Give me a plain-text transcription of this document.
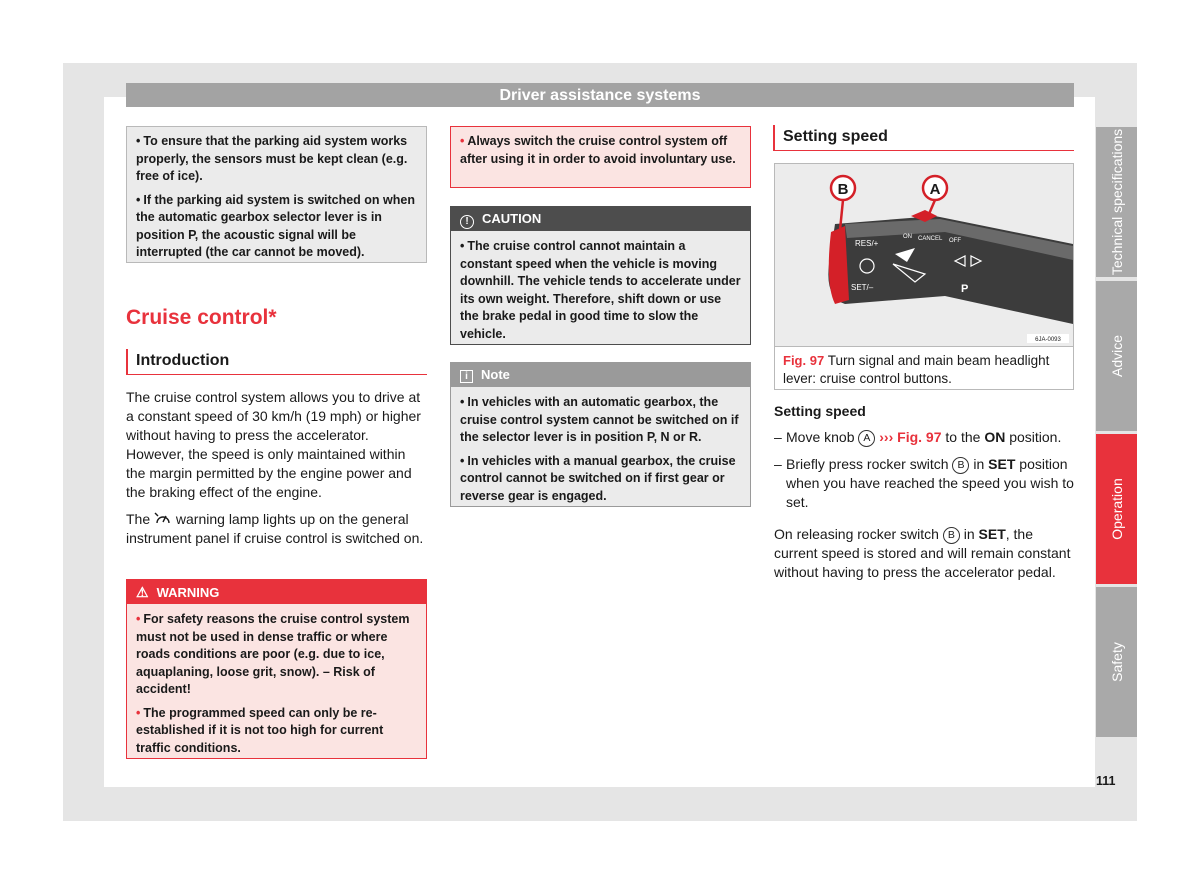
Driver assistance systems

• To ensure that the parking aid system works properly, the sensors must be kept clean (e.g. free of ice).

• If the parking aid system is switched on when the automatic gearbox selector lever is in position P, the acoustic signal will be interrupted (the car cannot be moved).

Cruise control*
Introduction

The cruise control system allows you to drive at a constant speed of 30 km/h (19 mph) or higher without having to press the accelerator. However, the speed is only maintained within the margin permitted by the engine power and the braking effect of the engine.

The warning lamp lights up on the general instrument panel if cruise control is switched on.

⚠ WARNING

• For safety reasons the cruise control system must not be used in dense traffic or where roads conditions are poor (e.g. due to ice, aquaplaning, loose grit, snow). – Risk of accident!

• The programmed speed can only be re-established if it is not too high for current traffic conditions.

• Always switch the cruise control system off after using it in order to avoid involuntary use.

! CAUTION

• The cruise control cannot maintain a constant speed when the vehicle is moving downhill. The vehicle tends to accelerate under its own weight. Therefore, shift down or use the brake pedal in good time to slow the vehicle.

i Note

• In vehicles with an automatic gearbox, the cruise control system cannot be switched on if the selector lever is in position P, N or R.

• In vehicles with a manual gearbox, the cruise control cannot be switched on if first gear or reverse gear is engaged.

Setting speed
B	A
RES/+
SET/–
ON CANCEL OFF
P
6JA-0093
Fig. 97 Turn signal and main beam headlight lever: cruise control buttons.
Setting speed
– Move knob A ››› Fig. 97 to the ON position.
– Briefly press rocker switch B in SET position when you have reached the speed you wish to set.

On releasing rocker switch B in SET, the current speed is stored and will remain constant without having to press the accelerator pedal.

Technical specifications
Advice
Operation
Safety
111
